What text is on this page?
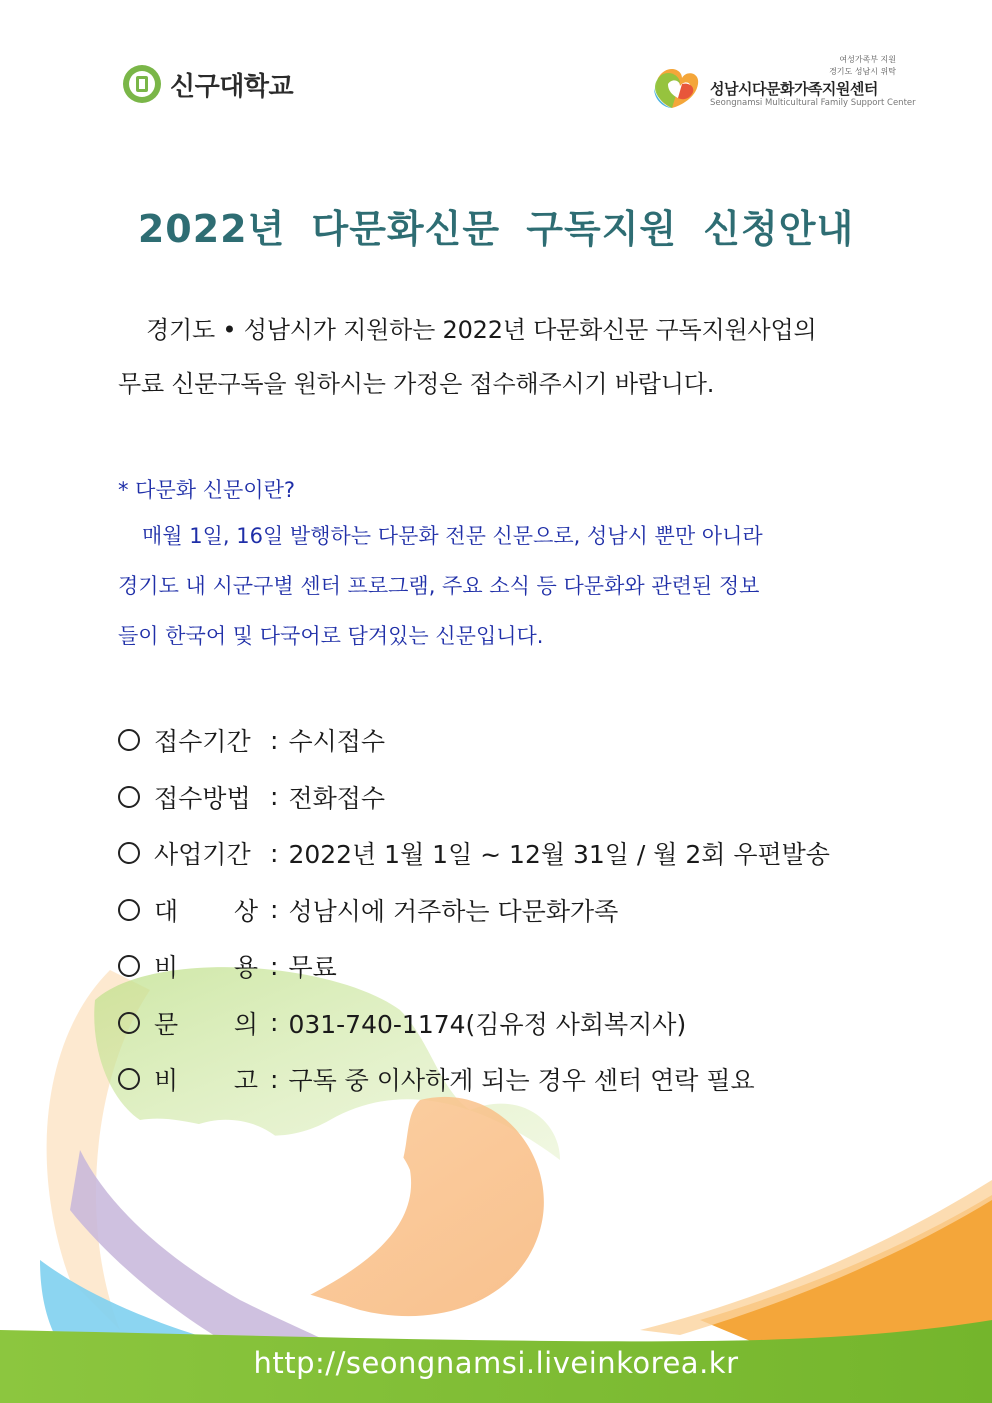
신구대학교
여성가족부 지원
경기도 성남시 위탁
성남시다문화가족지원센터
Seongnamsi Multicultural Family Support Center
2022년 다문화신문 구독지원 신청안내
경기도 • 성남시가 지원하는 2022년 다문화신문 구독지원사업의
무료 신문구독을 원하시는 가정은 접수해주시기 바랍니다.
* 다문화 신문이란?
매월 1일, 16일 발행하는 다문화 전문 신문으로, 성남시 뿐만 아니라
경기도 내 시군구별 센터 프로그램, 주요 소식 등 다문화와 관련된 정보
들이 한국어 및 다국어로 담겨있는 신문입니다.
접수기간 : 수시접수
접수방법 : 전화접수
사업기간 : 2022년 1월 1일 ~ 12월 31일 / 월 2회 우편발송
대 상 : 성남시에 거주하는 다문화가족
비 용 : 무료
문 의 : 031-740-1174(김유정 사회복지사)
비 고 : 구독 중 이사하게 되는 경우 센터 연락 필요
http://seongnamsi.liveinkorea.kr
